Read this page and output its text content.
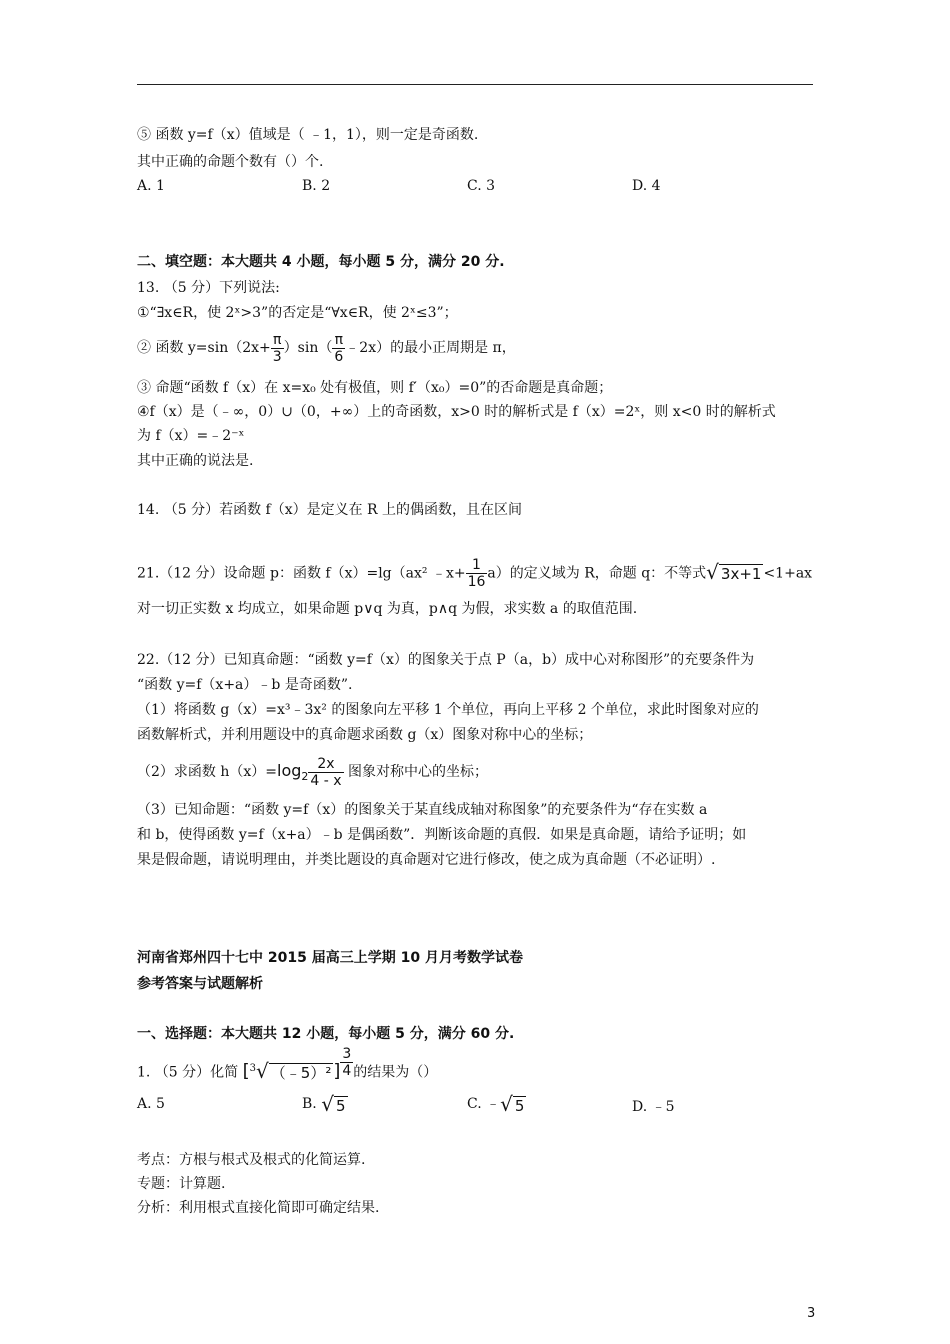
⑤ 函数 y=f（x）值域是（ ﹣1，1），则一定是奇函数.
其中正确的命题个数有（）个.
A. 1	B. 2	C. 3	D. 4
二、填空题：本大题共 4 小题，每小题 5 分，满分 20 分.
13. （5 分）下列说法:
①“∃x∈R，使 2ˣ>3”的否定是“∀x∈R，使 2ˣ≤3”；
② 函数 $y=\sin(2x+ \frac{\pi}{3} )\sin( \frac{\pi}{6}$ ﹣2x）的最小正周期是 π，
③ 命题“函数 f（x）在 x=x₀ 处有极值，则 f′（x₀）=0”的否命题是真命题；
④f（x）是（﹣∞，0）∪（0，+∞）上的奇函数，x>0 时的解析式是 f（x）=2ˣ，则 x<0 时的解析式
为 f（x）=﹣2⁻ˣ
其中正确的说法是.
14. （5 分）若函数 f（x）是定义在 R 上的偶函数，且在区间
21.（12 分）设命题 p：函数 f（x）=lg（ax² ﹣x+ $\frac{1}{16} a$）的定义域为 R，命题 q：不等式√ 3x+1 <1+ax
对一切正实数 x 均成立，如果命题 p∨q 为真，p∧q 为假，求实数 a 的取值范围.
22.（12 分）已知真命题：“函数 y=f（x）的图象关于点 P（a，b）成中心对称图形”的充要条件为
“函数 y=f（x+a）﹣b 是奇函数”.
（1）将函数 g（x）=x³﹣3x² 的图象向左平移 1 个单位，再向上平移 2 个单位，求此时图象对应的
函数解析式，并利用题设中的真命题求函数 g（x）图象对称中心的坐标；
（2）求函数 $h(x)=\log_2 \frac{2x}{4 - x}$ 图象对称中心的坐标；
（3）已知命题：“函数 y=f（x）的图象关于某直线成轴对称图象”的充要条件为“存在实数 a
和 b，使得函数 y=f（x+a）﹣b 是偶函数”．判断该命题的真假．如果是真命题，请给予证明；如
果是假命题，请说明理由，并类比题设的真命题对它进行修改，使之成为真命题（不必证明）.
河南省郑州四十七中 2015 届高三上学期 10 月月考数学试卷
参考答案与试题解析
一、选择题：本大题共 12 小题，每小题 5 分，满分 60 分.
1. （5 分）化简 [$^3$√ （﹣5）² ] $\frac{3}{4}$ 的结果为（）
A. 5	B. √ 5	C. ﹣√ 5	D. ﹣5
考点：方根与根式及根式的化简运算.
专题：计算题.
分析：利用根式直接化简即可确定结果.
3
